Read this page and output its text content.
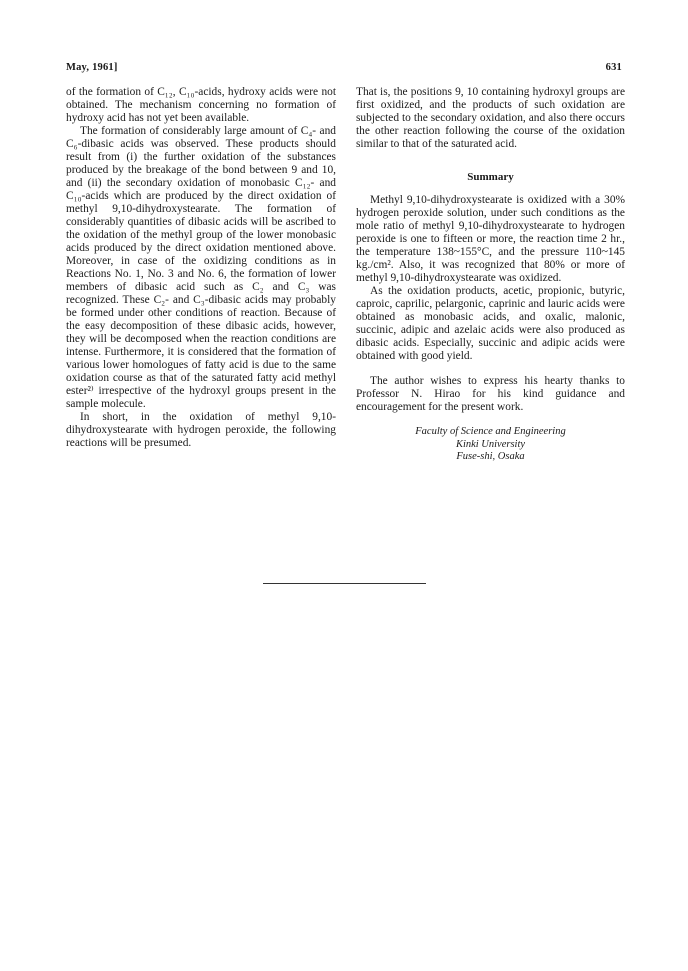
May, 1961]	631

of the formation of C₁₂, C₁₀-acids, hydroxy acids were not obtained. The mechanism concerning no formation of hydroxy acid has not yet been available.

The formation of considerably large amount of C₄- and C₆-dibasic acids was observed. These products should result from (i) the further oxidation of the substances produced by the breakage of the bond between 9 and 10, and (ii) the secondary oxidation of monobasic C₁₂- and C₁₀-acids which are produced by the direct oxidation of methyl 9,10-dihydroxystearate. The formation of considerably quantities of dibasic acids will be ascribed to the oxidation of the methyl group of the lower monobasic acids produced by the direct oxidation mentioned above. Moreover, in case of the oxidizing conditions as in Reactions No. 1, No. 3 and No. 6, the formation of lower members of dibasic acid such as C₂ and C₃ was recognized. These C₂- and C₃-dibasic acids may probably be formed under other conditions of reaction. Because of the easy decomposition of these dibasic acids, however, they will be decomposed when the reaction conditions are intense. Furthermore, it is considered that the formation of various lower homologues of fatty acid is due to the same oxidation course as that of the saturated fatty acid methyl ester²⁾ irrespective of the hydroxyl groups present in the sample molecule.

In short, in the oxidation of methyl 9,10-dihydroxystearate with hydrogen peroxide, the following reactions will be presumed.

That is, the positions 9, 10 containing hydroxyl groups are first oxidized, and the products of such oxidation are subjected to the secondary oxidation, and also there occurs the other reaction following the course of the oxidation similar to that of the saturated acid.

Summary

Methyl 9,10-dihydroxystearate is oxidized with a 30% hydrogen peroxide solution, under such conditions as the mole ratio of methyl 9,10-dihydroxystearate to hydrogen peroxide is one to fifteen or more, the reaction time 2 hr., the temperature 138~155°C, and the pressure 110~145 kg./cm². Also, it was recognized that 80% or more of methyl 9,10-dihydroxystearate was oxidized.

As the oxidation products, acetic, propionic, butyric, caproic, caprilic, pelargonic, caprinic and lauric acids were obtained as monobasic acids, and oxalic, malonic, succinic, adipic and azelaic acids were also produced as dibasic acids. Especially, succinic and adipic acids were obtained with good yield.

The author wishes to express his hearty thanks to Professor N. Hirao for his kind guidance and encouragement for the present work.

Faculty of Science and Engineering
Kinki University
Fuse-shi, Osaka
